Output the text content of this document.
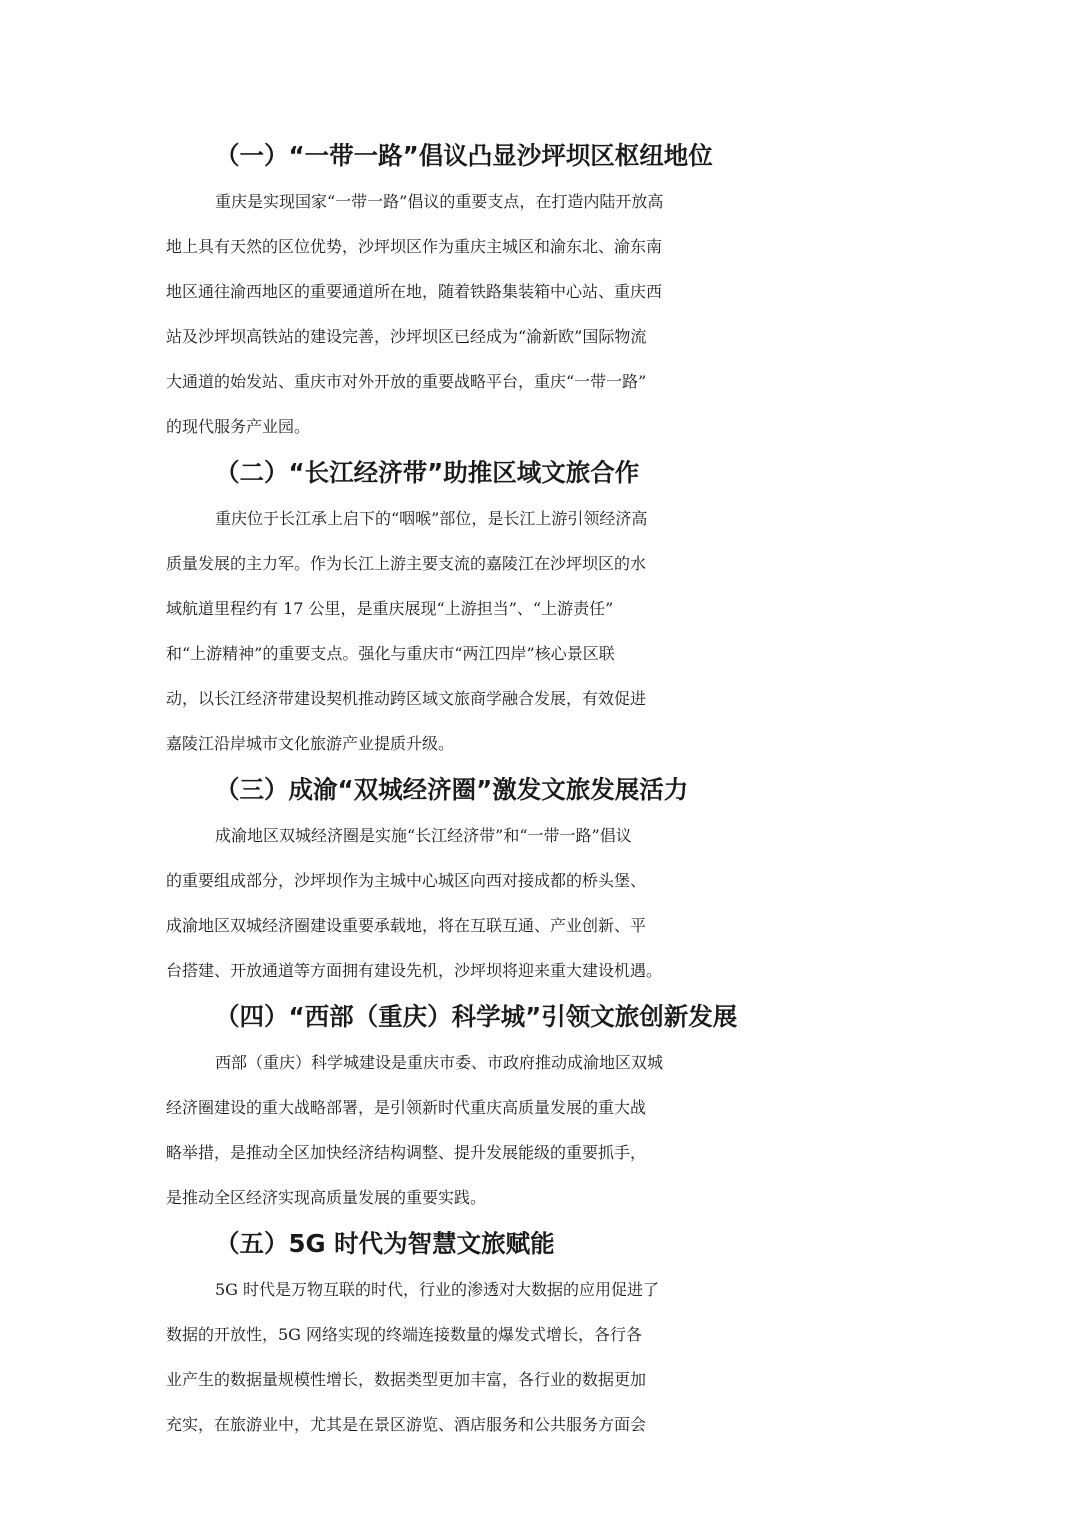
（一）“一带一路”倡议凸显沙坪坝区枢纽地位
重庆是实现国家“一带一路”倡议的重要支点，在打造内陆开放高
地上具有天然的区位优势，沙坪坝区作为重庆主城区和渝东北、渝东南
地区通往渝西地区的重要通道所在地，随着铁路集装箱中心站、重庆西
站及沙坪坝高铁站的建设完善，沙坪坝区已经成为“渝新欧”国际物流
大通道的始发站、重庆市对外开放的重要战略平台，重庆“一带一路”
的现代服务产业园。
（二）“长江经济带”助推区域文旅合作
重庆位于长江承上启下的“咽喉”部位，是长江上游引领经济高
质量发展的主力军。作为长江上游主要支流的嘉陵江在沙坪坝区的水
域航道里程约有 17 公里，是重庆展现“上游担当”、“上游责任”
和“上游精神”的重要支点。强化与重庆市“两江四岸”核心景区联
动，以长江经济带建设契机推动跨区域文旅商学融合发展，有效促进
嘉陵江沿岸城市文化旅游产业提质升级。
（三）成渝“双城经济圈”激发文旅发展活力
成渝地区双城经济圈是实施“长江经济带”和“一带一路”倡议
的重要组成部分，沙坪坝作为主城中心城区向西对接成都的桥头堡、
成渝地区双城经济圈建设重要承载地，将在互联互通、产业创新、平
台搭建、开放通道等方面拥有建设先机，沙坪坝将迎来重大建设机遇。
（四）“西部（重庆）科学城”引领文旅创新发展
西部（重庆）科学城建设是重庆市委、市政府推动成渝地区双城
经济圈建设的重大战略部署，是引领新时代重庆高质量发展的重大战
略举措，是推动全区加快经济结构调整、提升发展能级的重要抓手，
是推动全区经济实现高质量发展的重要实践。
（五）5G 时代为智慧文旅赋能
5G 时代是万物互联的时代，行业的渗透对大数据的应用促进了
数据的开放性，5G 网络实现的终端连接数量的爆发式增长，各行各
业产生的数据量规模性增长，数据类型更加丰富，各行业的数据更加
充实，在旅游业中，尤其是在景区游览、酒店服务和公共服务方面会
